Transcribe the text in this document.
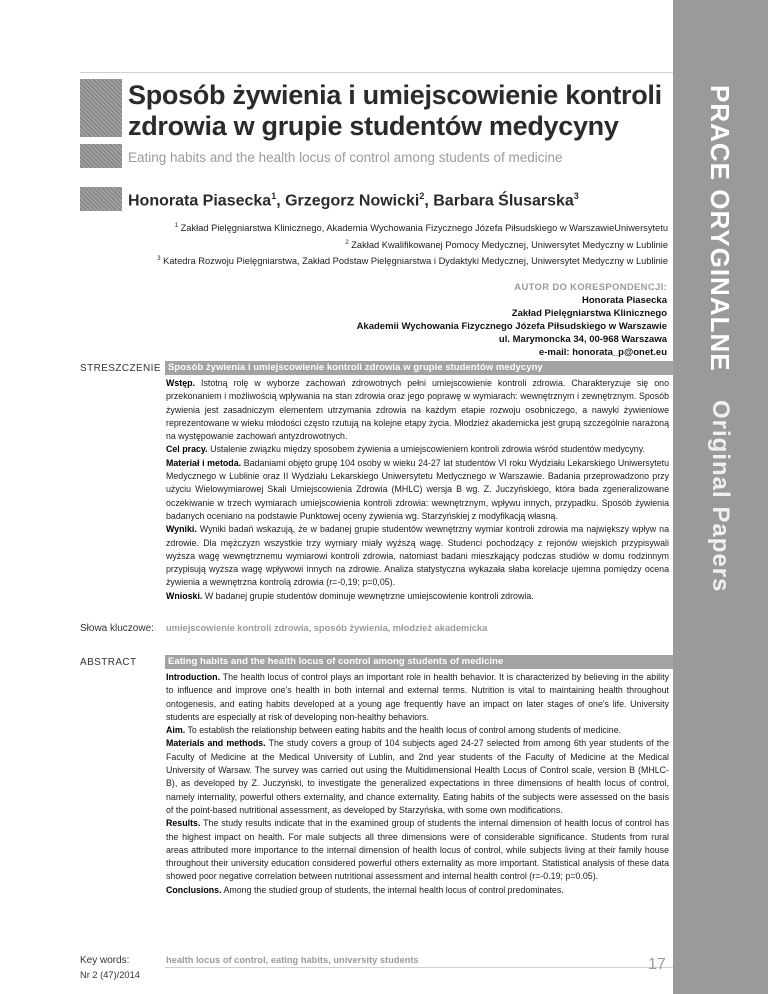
PRACE ORYGINALNE
Original Papers
Sposób żywienia i umiejscowienie kontroli zdrowia w grupie studentów medycyny
Eating habits and the health locus of control among students of medicine
Honorata Piasecka$^1$, Grzegorz Nowicki$^2$, Barbara Ślusarska$^3$
$^1$ Zakład Pielęgniarstwa Klinicznego, Akademia Wychowania Fizycznego Józefa Piłsudskiego w WarszawieUniwersytetu
$^2$ Zakład Kwalifikowanej Pomocy Medycznej, Uniwersytet Medyczny w Lublinie
$^3$ Katedra Rozwoju Pielęgniarstwa, Zakład Podstaw Pielęgniarstwa i Dydaktyki Medycznej, Uniwersytet Medyczny w Lublinie
AUTOR DO KORESPONDENCJI:
Honorata Piasecka
Zakład Pielęgniarstwa Klinicznego
Akademii Wychowania Fizycznego Józefa Piłsudskiego w Warszawie
ul. Marymoncka 34, 00-968 Warszawa
e-mail: honorata_p@onet.eu
STRESZCZENIE Sposób żywienia i umiejscowienie kontroli zdrowia w grupie studentów medycyny

Wstęp. Istotną rolę w wyborze zachowań zdrowotnych pełni umiejscowienie kontroli zdrowia. Charakteryzuje się ono przekonaniem i możliwością wpływania na stan zdrowia oraz jego poprawę w wymiarach: wewnętrznym i zewnętrznym. Sposób żywienia jest zasadniczym elementem utrzymania zdrowia na każdym etapie rozwoju osobniczego, a nawyki żywieniowe reprezentowane w wieku młodości często rzutują na kolejne etapy życia. Młodzież akademicka jest grupą szczególnie narażoną na występowanie zachowań antyzdrowotnych.

Cel pracy. Ustalenie związku między sposobem żywienia a umiejscowieniem kontroli zdrowia wśród studentów medycyny.

Materiał i metoda. Badaniami objęto grupę 104 osoby w wieku 24-27 lat studentów VI roku Wydziału Lekarskiego Uniwersytetu Medycznego w Lublinie oraz II Wydziału Lekarskiego Uniwersytetu Medycznego w Warszawie. Badania przeprowadzono przy użyciu Wielowymiarowej Skali Umiejscowienia Zdrowia (MHLC) wersja B wg. Z. Juczyńskiego, która bada zgeneralizowane oczekiwanie w trzech wymiarach umiejscowienia kontroli zdrowia: wewnętrznym, wpływu innych, przypadku. Sposób żywienia badanych oceniano na podstawie Punktowej oceny żywienia wg. Starzyńskiej z modyfikacją własną.

Wyniki. Wyniki badań wskazują, że w badanej grupie studentów wewnętrzny wymiar kontroli zdrowia ma największy wpływ na zdrowie. Dla mężczyzn wszystkie trzy wymiary miały wyższą wagę. Studenci pochodzący z rejonów wiejskich przypisywali wyższa wagę wewnętrznemu wymiarowi kontroli zdrowia, natomiast badani mieszkający podczas studiów w domu rodzinnym przypisują wyższa wagę wpływowi innych na zdrowie. Analiza statystyczna wykazała słaba korelacje ujemna pomiędzy ocena żywienia a wewnętrzna kontrolą zdrowia (r=-0,19; p=0,05).

Wnioski. W badanej grupie studentów dominuje wewnętrzne umiejscowienie kontroli zdrowia.

Słowa kluczowe: umiejscowienie kontroli zdrowia, sposób żywienia, młodzież akademicka
ABSTRACT	Eating habits and the health locus of control among students of medicine

Introduction. The health locus of control plays an important role in health behavior. It is characterized by believing in the ability to influence and improve one's health in both internal and external terms. Nutrition is vital to maintaining health throughout ontogenesis, and eating habits developed at a young age frequently have an impact on later stages of one's life. University students are especially at risk of developing non-healthy behaviors.

Aim. To establish the relationship between eating habits and the health locus of control among students of medicine.

Materials and methods. The study covers a group of 104 subjects aged 24-27 selected from among 6th year students of the Faculty of Medicine at the Medical University of Lublin, and 2nd year students of the Faculty of Medicine at the Medical University of Warsaw. The survey was carried out using the Multidimensional Health Locus of Control scale, version B (MHLC-B), as developed by Z. Juczyński, to investigate the generalized expectations in three dimensions of health locus of control, namely internality, powerful others externality, and chance externality. Eating habits of the subjects were assessed on the basis of the point-based nutritional assessment, as developed by Starzyńska, with some own modifications.

Results. The study results indicate that in the examined group of students the internal dimension of health locus of control has the highest impact on health. For male subjects all three dimensions were of considerable significance. Students from rural areas attributed more importance to the internal dimension of health locus of control, while subjects living at their family house throughout their university education considered powerful others externality as more important. Statistical analysis of these data showed poor negative correlation between nutritional assessment and internal health control (r=-0.19; p=0.05).

Conclusions. Among the studied group of students, the internal health locus of control predominates.

Key words:	health locus of control, eating habits, university students
Nr 2 (47)/2014
17
